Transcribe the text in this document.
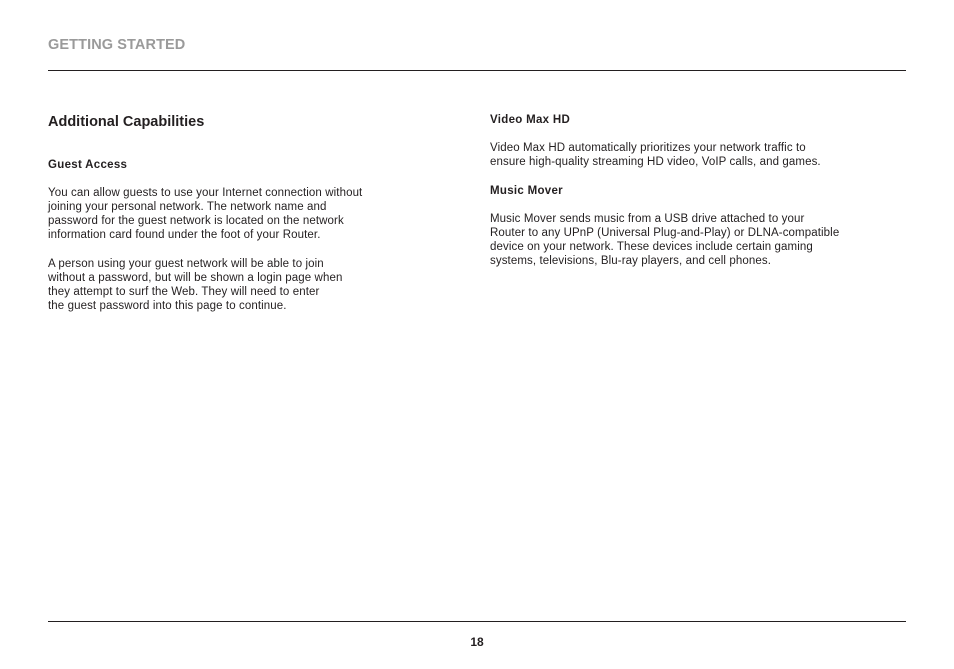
GETTING STARTED
Additional Capabilities
Guest Access
You can allow guests to use your Internet connection without
joining your personal network. The network name and
password for the guest network is located on the network
information card found under the foot of your Router.
A person using your guest network will be able to join
without a password, but will be shown a login page when
they attempt to surf the Web. They will need to enter
the guest password into this page to continue.
Video Max HD
Video Max HD automatically prioritizes your network traffic to
ensure high-quality streaming HD video, VoIP calls, and games.
Music Mover
Music Mover sends music from a USB drive attached to your
Router to any UPnP (Universal Plug-and-Play) or DLNA-compatible
device on your network. These devices include certain gaming
systems, televisions, Blu-ray players, and cell phones.
18
